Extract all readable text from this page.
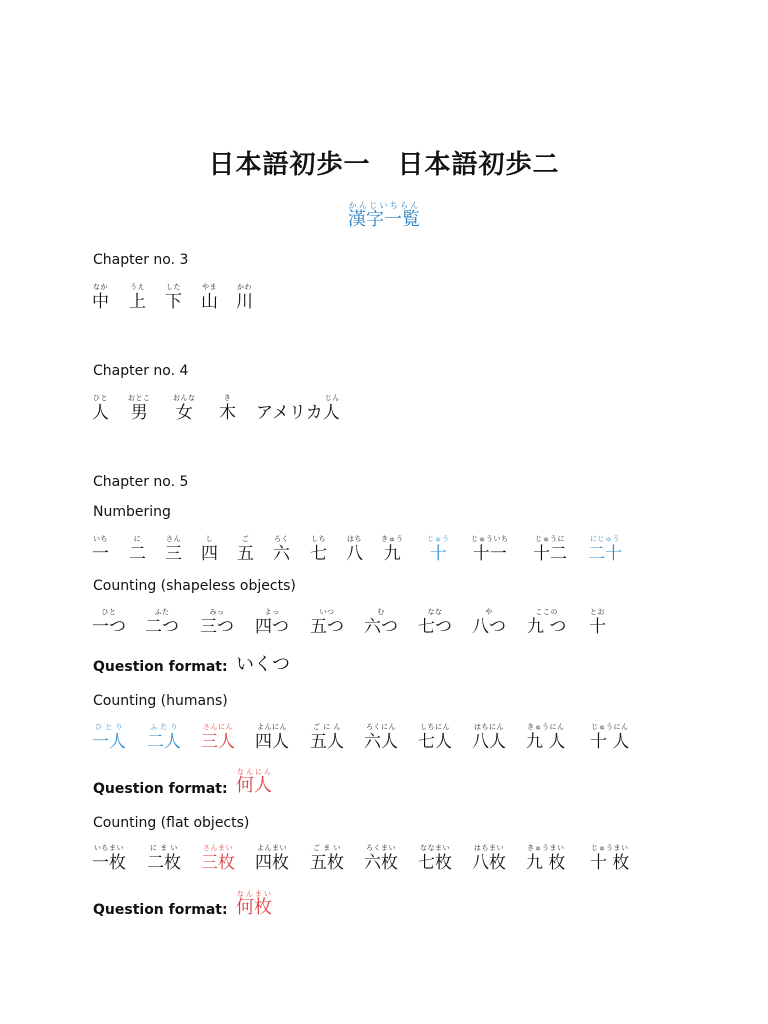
日本語初歩一　日本語初歩二
漢字一覧かんじいちらん
Chapter no. 3
なか
中
うえ
上
した
下
やま
山
かわ
川
Chapter no. 4
ひと
人
おとこ
男
おんな
女
き
木
じん
アメリカ人
Chapter no. 5
Numbering
いち
一
に
二
さん
三
し
四
ご
五
ろく
六
しち
七
はち
八
きゅう
九
じゅう
十
じゅういち
十一
じゅうに
十二
にじゅう
二十
Counting (shapeless objects)
ひと
一つ
ふた
二つ
みっ
三つ
よっ
四つ
いつ
五つ
む
六つ
なな
七つ
や
八つ
ここの
九 つ
とお
十
Question format: いくつ
Counting (humans)
ひ と り
一人
ふ た り
二人
さんにん
三人
よんにん
四人
ご に ん
五人
ろくにん
六人
しちにん
七人
はちにん
八人
きゅうにん
九 人
じゅうにん
十 人
Question format: 何人なんにん
Counting (flat objects)
いちまい
一枚
に ま い
二枚
さんまい
三枚
よんまい
四枚
ご ま い
五枚
ろくまい
六枚
ななまい
七枚
はちまい
八枚
きゅうまい
九 枚
じゅうまい
十 枚
Question format: 何枚なんまい
